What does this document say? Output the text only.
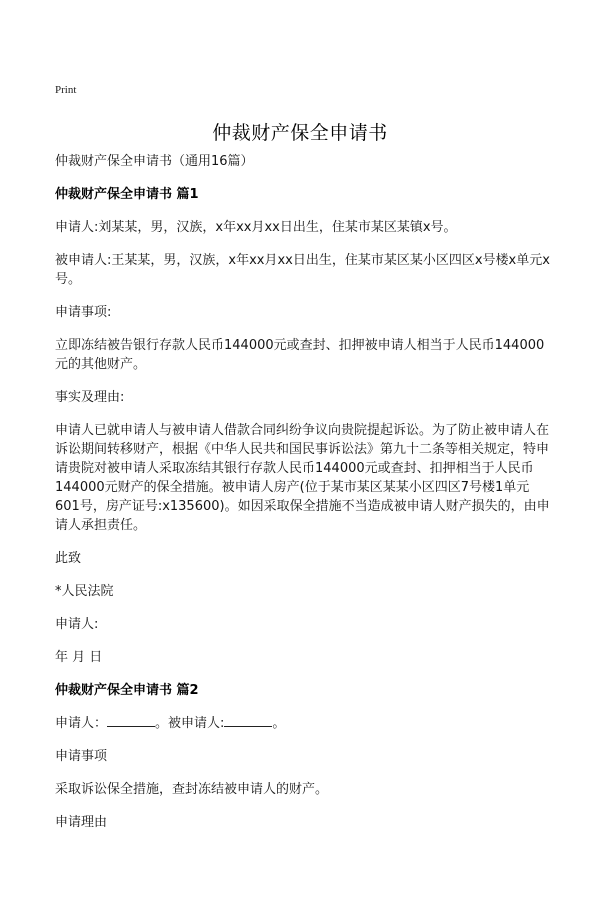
Print
仲裁财产保全申请书

仲裁财产保全申请书（通用16篇）

仲裁财产保全申请书 篇1

申请人:刘某某，男，汉族，x年xx月xx日出生，住某市某区某镇x号。

被申请人:王某某，男，汉族，x年xx月xx日出生，住某市某区某小区四区x号楼x单元x号。

申请事项:

立即冻结被告银行存款人民币144000元或查封、扣押被申请人相当于人民币144000元的其他财产。

事实及理由:

申请人已就申请人与被申请人借款合同纠纷争议向贵院提起诉讼。为了防止被申请人在诉讼期间转移财产，根据《中华人民共和国民事诉讼法》第九十二条等相关规定，特申请贵院对被申请人采取冻结其银行存款人民币144000元或查封、扣押相当于人民币144000元财产的保全措施。被申请人房产(位于某市某区某某小区四区7号楼1单元601号，房产证号:x135600)。如因采取保全措施不当造成被申请人财产损失的，由申请人承担责任。

此致

*人民法院

申请人:

年 月 日

仲裁财产保全申请书 篇2

申请人：	。被申请人:	。

申请事项

采取诉讼保全措施，查封冻结被申请人的财产。

申请理由
